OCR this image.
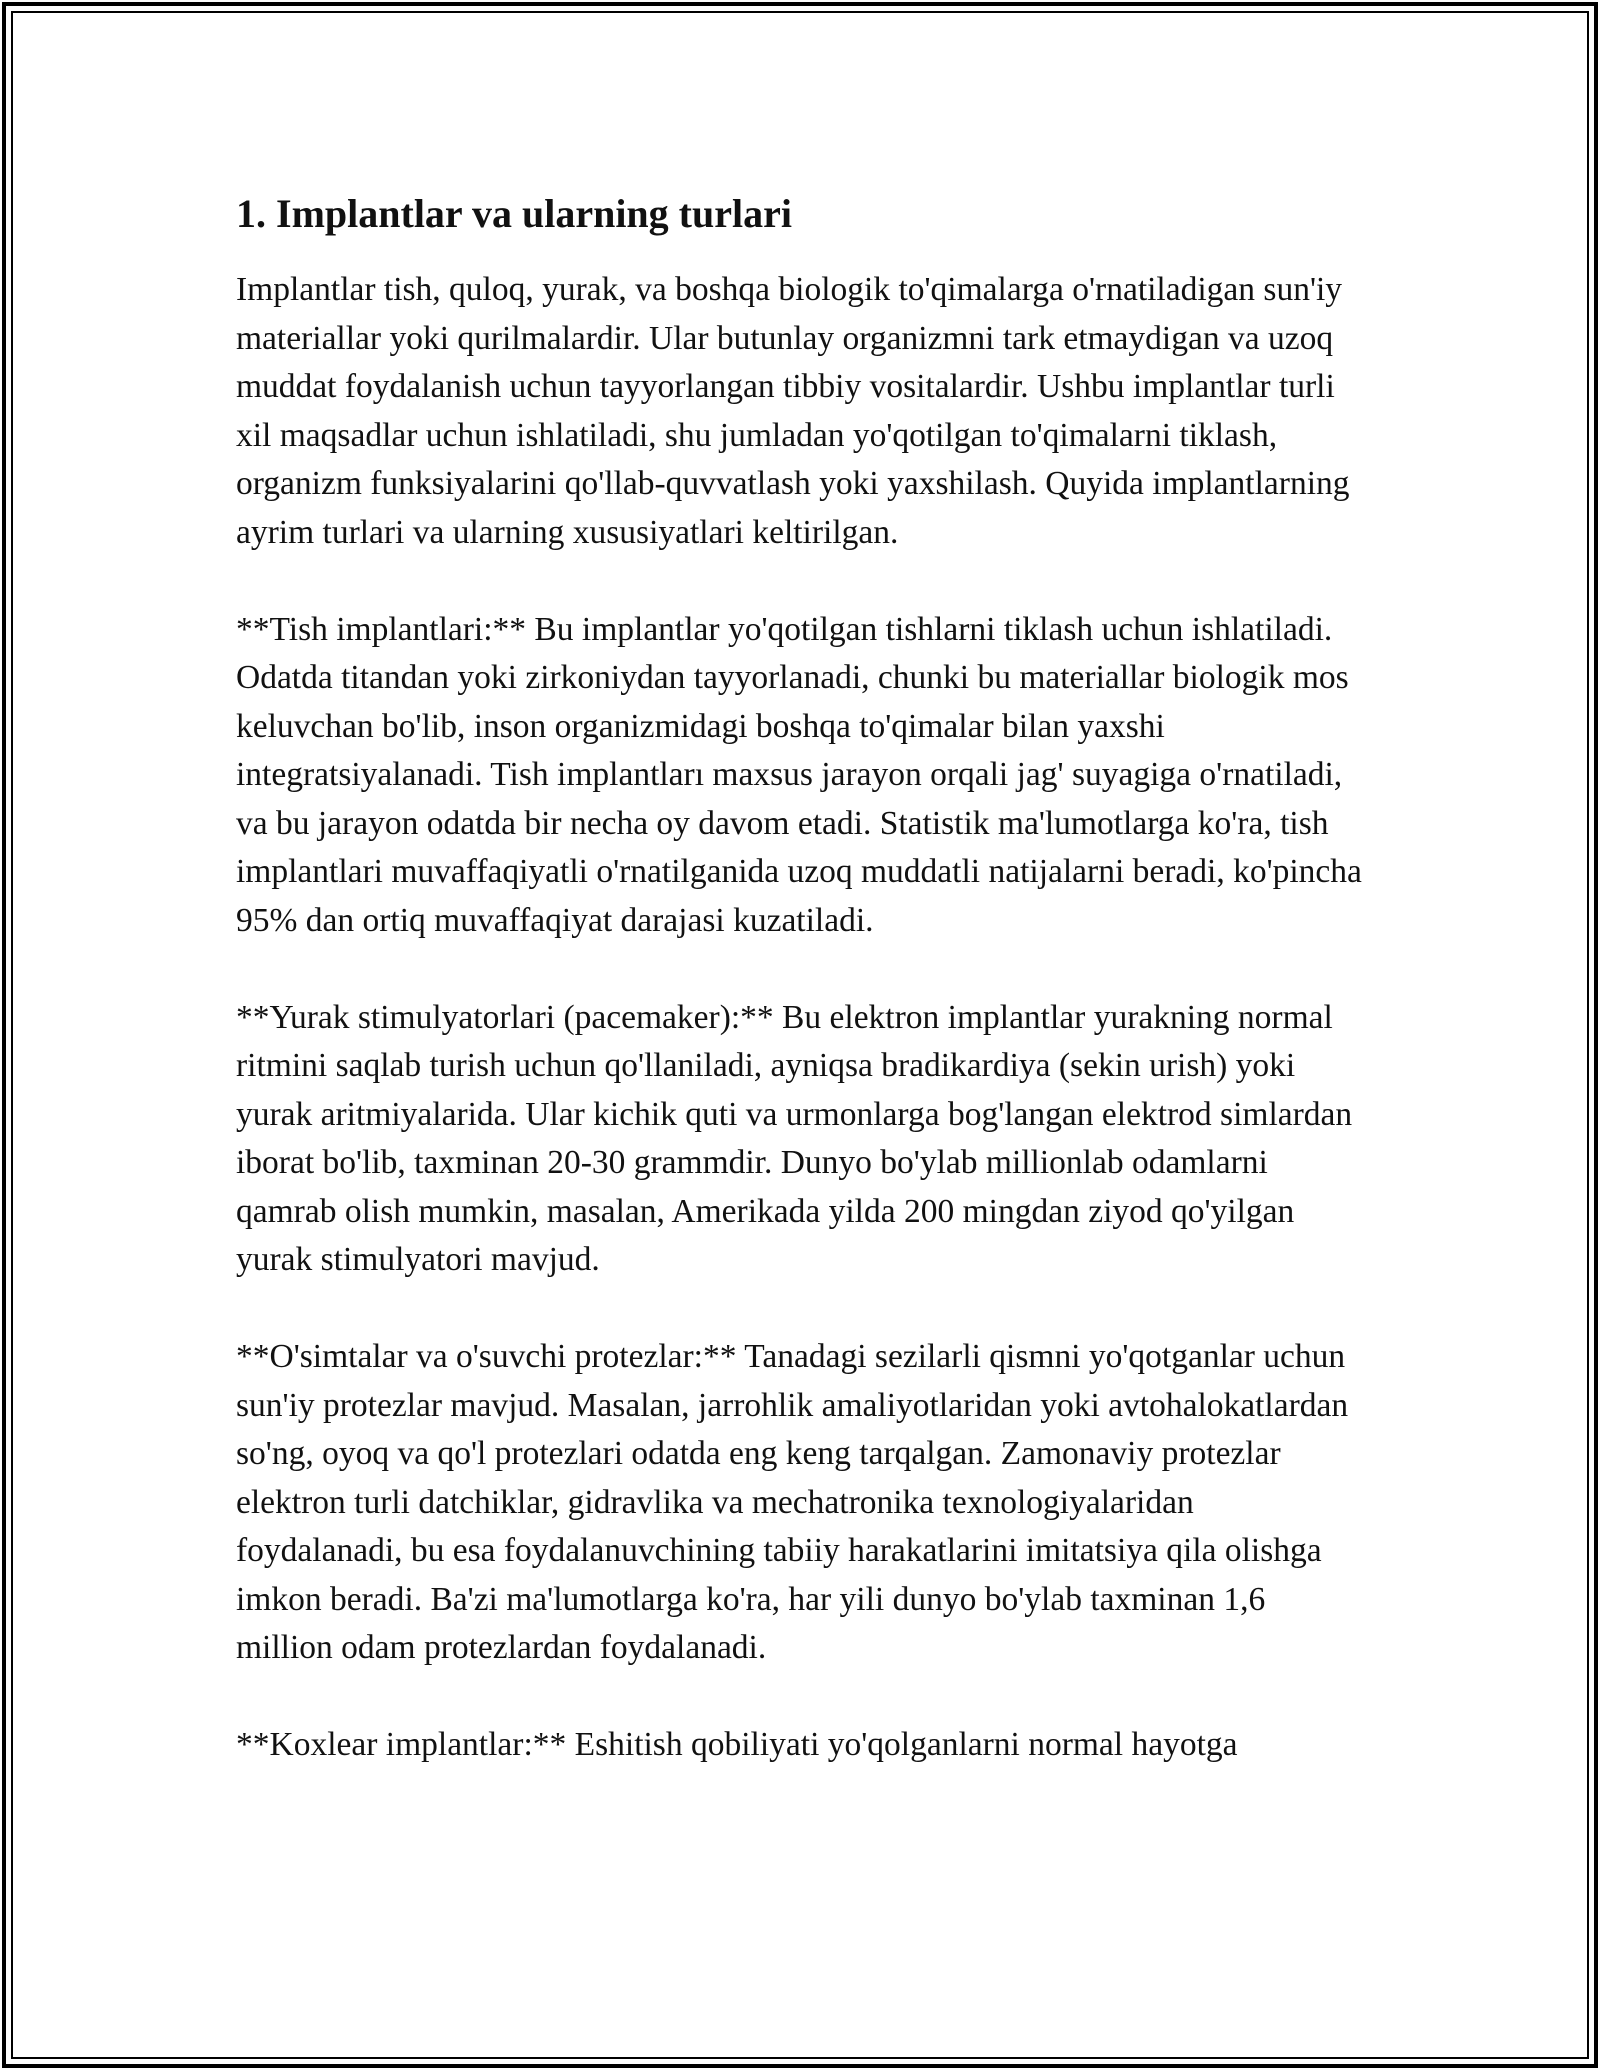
1. Implantlar va ularning turlari

Implantlar tish, quloq, yurak, va boshqa biologik to'qimalarga o'rnatiladigan sun'iy materiallar yoki qurilmalardir. Ular butunlay organizmni tark etmaydigan va uzoq muddat foydalanish uchun tayyorlangan tibbiy vositalardir. Ushbu implantlar turli xil maqsadlar uchun ishlatiladi, shu jumladan yo'qotilgan to'qimalarni tiklash, organizm funksiyalarini qo'llab-quvvatlash yoki yaxshilash. Quyida implantlarning ayrim turlari va ularning xususiyatlari keltirilgan.

**Tish implantlari:** Bu implantlar yo'qotilgan tishlarni tiklash uchun ishlatiladi. Odatda titandan yoki zirkoniydan tayyorlanadi, chunki bu materiallar biologik mos keluvchan bo'lib, inson organizmidagi boshqa to'qimalar bilan yaxshi integratsiyalanadi. Tish implantları maxsus jarayon orqali jag' suyagiga o'rnatiladi, va bu jarayon odatda bir necha oy davom etadi. Statistik ma'lumotlarga ko'ra, tish implantlari muvaffaqiyatli o'rnatilganida uzoq muddatli natijalarni beradi, ko'pincha 95% dan ortiq muvaffaqiyat darajasi kuzatiladi.

**Yurak stimulyatorlari (pacemaker):** Bu elektron implantlar yurakning normal ritmini saqlab turish uchun qo'llaniladi, ayniqsa bradikardiya (sekin urish) yoki yurak aritmiyalarida. Ular kichik quti va urmonlarga bog'langan elektrod simlardan iborat bo'lib, taxminan 20-30 grammdir. Dunyo bo'ylab millionlab odamlarni qamrab olish mumkin, masalan, Amerikada yilda 200 mingdan ziyod qo'yilgan yurak stimulyatori mavjud.

**O'simtalar va o'suvchi protezlar:** Tanadagi sezilarli qismni yo'qotganlar uchun sun'iy protezlar mavjud. Masalan, jarrohlik amaliyotlaridan yoki avtohalokatlardan so'ng, oyoq va qo'l protezlari odatda eng keng tarqalgan. Zamonaviy protezlar elektron turli datchiklar, gidravlika va mechatronika texnologiyalaridan foydalanadi, bu esa foydalanuvchining tabiiy harakatlarini imitatsiya qila olishga imkon beradi. Ba'zi ma'lumotlarga ko'ra, har yili dunyo bo'ylab taxminan 1,6 million odam protezlardan foydalanadi.

**Koxlear implantlar:** Eshitish qobiliyati yo'qolganlarni normal hayotga
